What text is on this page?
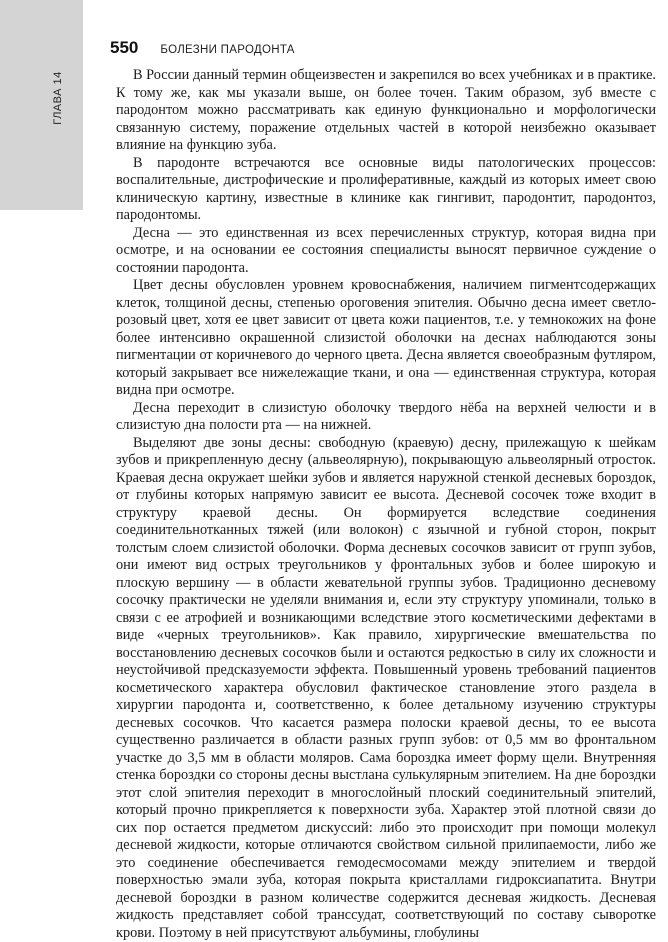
ГЛАВА 14
550 БОЛЕЗНИ ПАРОДОНТА

В России данный термин общеизвестен и закрепился во всех учебниках и в практике. К тому же, как мы указали выше, он более точен. Таким образом, зуб вместе с пародонтом можно рассматривать как единую функционально и морфологически связанную систему, поражение отдельных частей в которой неизбежно оказывает влияние на функцию зуба.

В пародонте встречаются все основные виды патологических процессов: воспалительные, дистрофические и пролиферативные, каждый из которых имеет свою клиническую картину, известные в клинике как гингивит, пародонтит, пародонтоз, пародонтомы.

Десна — это единственная из всех перечисленных структур, которая видна при осмотре, и на основании ее состояния специалисты выносят первичное суждение о состоянии пародонта.

Цвет десны обусловлен уровнем кровоснабжения, наличием пигментсодержащих клеток, толщиной десны, степенью ороговения эпителия. Обычно десна имеет светло-розовый цвет, хотя ее цвет зависит от цвета кожи пациентов, т.е. у темнокожих на фоне более интенсивно окрашенной слизистой оболочки на деснах наблюдаются зоны пигментации от коричневого до черного цвета. Десна является своеобразным футляром, который закрывает все нижележащие ткани, и она — единственная структура, которая видна при осмотре.

Десна переходит в слизистую оболочку твердого нёба на верхней челюсти и в слизистую дна полости рта — на нижней.

Выделяют две зоны десны: свободную (краевую) десну, прилежащую к шейкам зубов и прикрепленную десну (альвеолярную), покрывающую альвеолярный отросток. Краевая десна окружает шейки зубов и является наружной стенкой десневых бороздок, от глубины которых напрямую зависит ее высота. Десневой сосочек тоже входит в структуру краевой десны. Он формируется вследствие соединения соединительнотканных тяжей (или волокон) с язычной и губной сторон, покрыт толстым слоем слизистой оболочки. Форма десневых сосочков зависит от групп зубов, они имеют вид острых треугольников у фронтальных зубов и более широкую и плоскую вершину — в области жевательной группы зубов. Традиционно десневому сосочку практически не уделяли внимания и, если эту структуру упоминали, только в связи с ее атрофией и возникающими вследствие этого косметическими дефектами в виде «черных треугольников». Как правило, хирургические вмешательства по восстановлению десневых сосочков были и остаются редкостью в силу их сложности и неустойчивой предсказуемости эффекта. Повышенный уровень требований пациентов косметического характера обусловил фактическое становление этого раздела в хирургии пародонта и, соответственно, к более детальному изучению структуры десневых сосочков. Что касается размера полоски краевой десны, то ее высота существенно различается в области разных групп зубов: от 0,5 мм во фронтальном участке до 3,5 мм в области моляров. Сама бороздка имеет форму щели. Внутренняя стенка бороздки со стороны десны выстлана сулькулярным эпителием. На дне бороздки этот слой эпителия переходит в многослойный плоский соединительный эпителий, который прочно прикрепляется к поверхности зуба. Характер этой плотной связи до сих пор остается предметом дискуссий: либо это происходит при помощи молекул десневой жидкости, которые отличаются свойством сильной прилипаемости, либо же это соединение обеспечивается гемодесмосомами между эпителием и твердой поверхностью эмали зуба, которая покрыта кристаллами гидроксиапатита. Внутри десневой бороздки в разном количестве содержится десневая жидкость. Десневая жидкость представляет собой транссудат, соответствующий по составу сыворотке крови. Поэтому в ней присутствуют альбумины, глобулины
